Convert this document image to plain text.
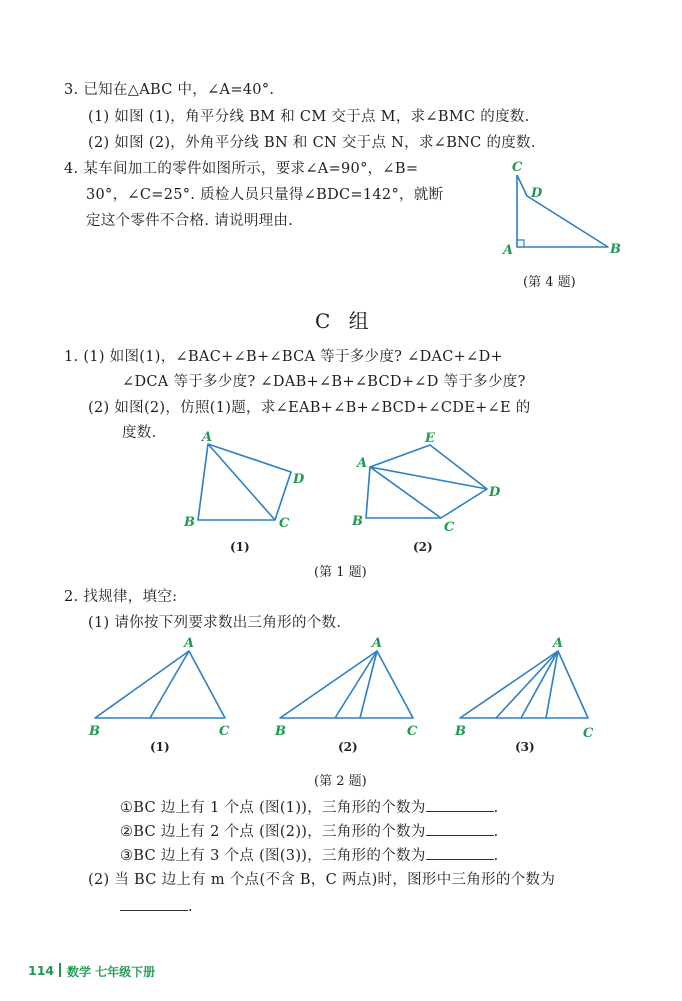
3. 已知在△ABC 中，∠A=40°.
(1) 如图 (1)，角平分线 BM 和 CM 交于点 M，求∠BMC 的度数.
(2) 如图 (2)，外角平分线 BN 和 CN 交于点 N，求∠BNC 的度数.
4. 某车间加工的零件如图所示，要求∠A=90°，∠B=
30°，∠C=25°. 质检人员只量得∠BDC=142°，就断
定这个零件不合格. 请说明理由.
C
D
A	B
(第 4 题)
C 组
1. (1) 如图(1)，∠BAC+∠B+∠BCA 等于多少度? ∠DAC+∠D+
∠DCA 等于多少度? ∠DAB+∠B+∠BCD+∠D 等于多少度?
(2) 如图(2)，仿照(1)题，求∠EAB+∠B+∠BCD+∠CDE+∠E 的
度数.	A
B	C
D
(1)
A
B	C
D
E
(2)
(第 1 题)
2. 找规律，填空:
(1) 请你按下列要求数出三角形的个数.
A
B	C
(1)
A
B	C
(2)
A
B	C
(3)
(第 2 题)
①BC 边上有 1 个点 (图(1))，三角形的个数为	.
②BC 边上有 2 个点 (图(2))，三角形的个数为	.
③BC 边上有 3 个点 (图(3))，三角形的个数为	.
(2) 当 BC 边上有 m 个点(不含 B，C 两点)时，图形中三角形的个数为
.
114 数学 七年级下册
